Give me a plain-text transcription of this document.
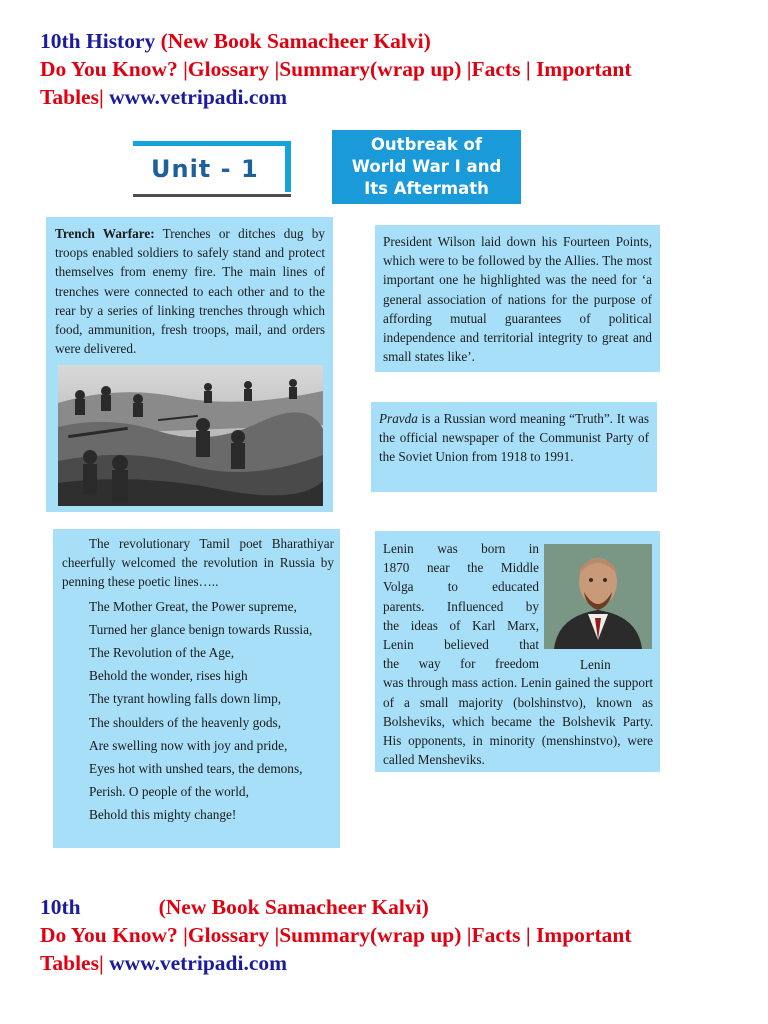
10th History (New Book Samacheer Kalvi)
Do You Know? |Glossary |Summary(wrap up) |Facts | Important
Tables| www.vetripadi.com
Unit - 1
Outbreak of
World War I and
Its Aftermath

Trench Warfare: Trenches or ditches dug by troops enabled soldiers to safely stand and protect themselves from enemy fire. The main lines of trenches were connected to each other and to the rear by a series of linking trenches through which food, ammunition, fresh troops, mail, and orders were delivered.

President Wilson laid down his Fourteen Points, which were to be followed by the Allies. The most important one he highlighted was the need for ‘a general association of nations for the purpose of affording mutual guarantees of political independence and territorial integrity to great and small states like’.

Pravda is a Russian word meaning “Truth”. It was the official newspaper of the Communist Party of the Soviet Union from 1918 to 1991.

The revolutionary Tamil poet Bharathiyar cheerfully welcomed the revolution in Russia by penning these poetic lines…..

The Mother Great, the Power supreme,
Turned her glance benign towards Russia,
The Revolution of the Age,
Behold the wonder, rises high
The tyrant howling falls down limp,
The shoulders of the heavenly gods,
Are swelling now with joy and pride,
Eyes hot with unshed tears, the demons,
Perish. O people of the world,
Behold this mighty change!

Lenin was born in

1870 near the Middle

Volga to educated

parents. Influenced by

the ideas of Karl Marx,

Lenin believed that

the way for freedom

was through mass action. Lenin gained the support of a small majority (bolshinstvo), known as Bolsheviks, which became the Bolshevik Party. His opponents, in minority (menshinstvo), were called Mensheviks.

Lenin
10th	(New Book Samacheer Kalvi)
Do You Know? |Glossary |Summary(wrap up) |Facts | Important
Tables| www.vetripadi.com
